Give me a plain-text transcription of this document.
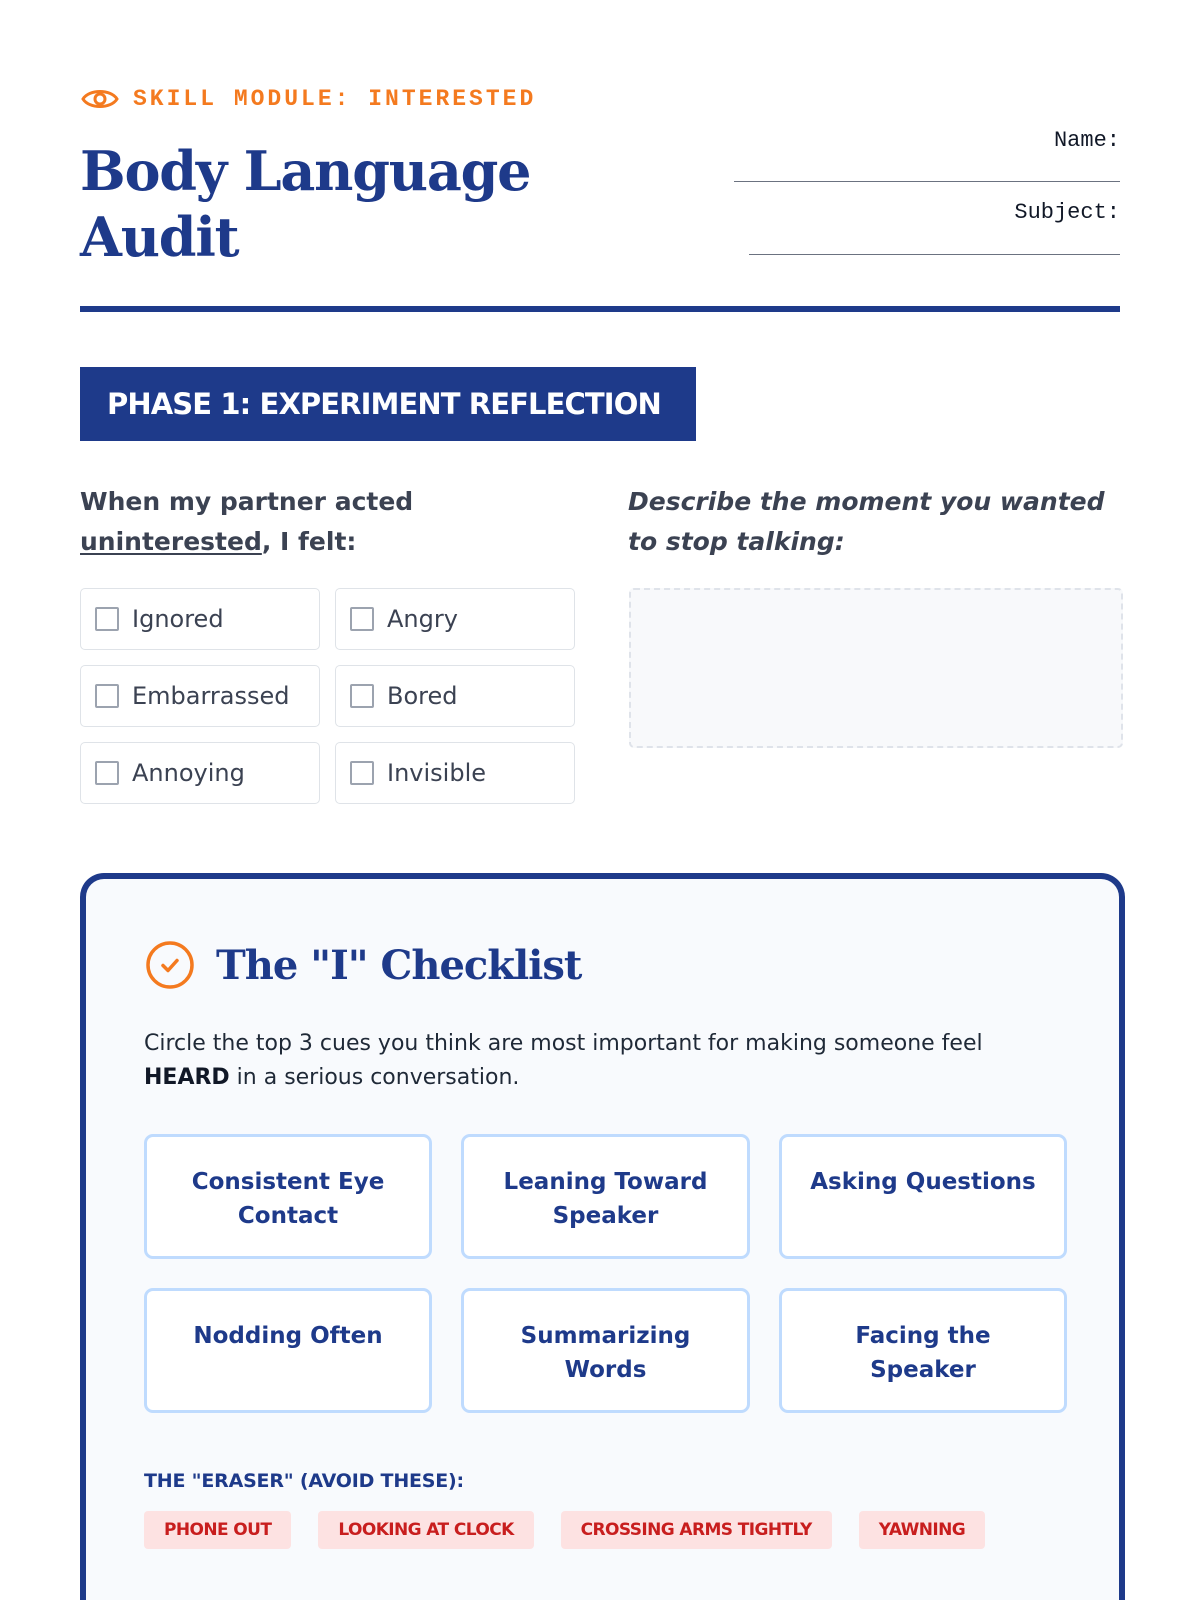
SKILL MODULE: INTERESTED
Body Language Audit
Name:
Subject:
PHASE 1: EXPERIMENT REFLECTION

When my partner acted uninterested, I felt:

Describe the moment you wanted to stop talking:

Ignored	Angry
Embarrassed	Bored
Annoying	Invisible
The "I" Checklist

Circle the top 3 cues you think are most important for making someone feel HEARD in a serious conversation.

Consistent Eye Contact
Leaning Toward Speaker
Asking Questions
Nodding Often	Summarizing Words
Facing the Speaker

THE "ERASER" (AVOID THESE):

PHONE OUT	LOOKING AT CLOCK	CROSSING ARMS TIGHTLY	YAWNING
